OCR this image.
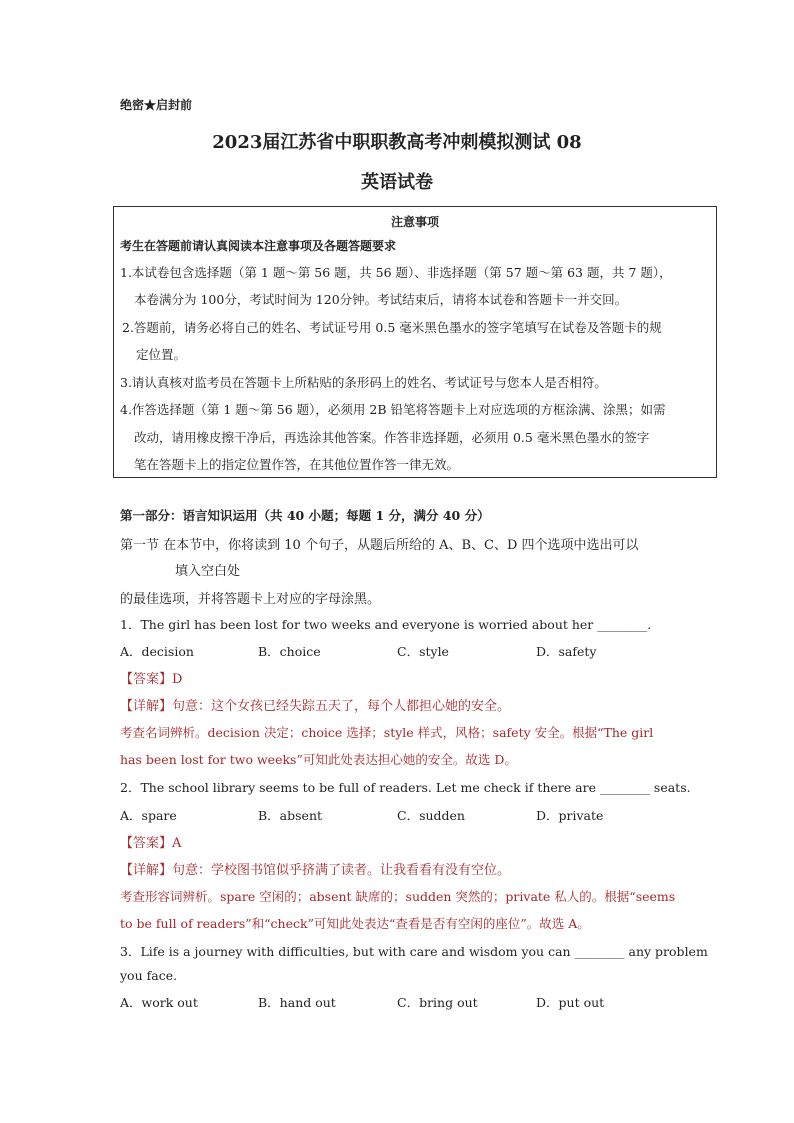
绝密★启封前
2023届江苏省中职职教高考冲刺模拟测试 08
英语试卷
注意事项
考生在答题前请认真阅读本注意事项及各题答题要求
1.本试卷包含选择题（第 1 题～第 56 题，共 56 题）、非选择题（第 57 题～第 63 题，共 7 题），
本卷满分为 100分，考试时间为 120分钟。考试结束后，请将本试卷和答题卡一并交回。
2.答题前，请务必将自己的姓名、考试证号用 0.5 毫米黑色墨水的签字笔填写在试卷及答题卡的规
定位置。
3.请认真核对监考员在答题卡上所粘贴的条形码上的姓名、考试证号与您本人是否相符。
4.作答选择题（第 1 题～第 56 题），必须用 2B 铅笔将答题卡上对应选项的方框涂满、涂黑；如需
改动，请用橡皮擦干净后，再选涂其他答案。作答非选择题，必须用 0.5 毫米黑色墨水的签字
笔在答题卡上的指定位置作答，在其他位置作答一律无效。
第一部分：语言知识运用（共 40 小题；每题 1 分，满分 40 分）
第一节 在本节中，你将读到 10 个句子，从题后所给的 A、B、C、D 四个选项中选出可以
填入空白处
的最佳选项，并将答题卡上对应的字母涂黑。
1．The girl has been lost for two weeks and everyone is worried about her ________.
A．decision	B．choice	C．style	D．safety
【答案】D
【详解】句意：这个女孩已经失踪五天了，每个人都担心她的安全。
考查名词辨析。decision 决定；choice 选择；style 样式，风格；safety 安全。根据“The girl
has been lost for two weeks”可知此处表达担心她的安全。故选 D。
2．The school library seems to be full of readers. Let me check if there are ________ seats.
A．spare	B．absent	C．sudden	D．private
【答案】A
【详解】句意：学校图书馆似乎挤满了读者。让我看看有没有空位。
考查形容词辨析。spare 空闲的；absent 缺席的；sudden 突然的；private 私人的。根据“seems
to be full of readers”和“check”可知此处表达“查看是否有空闲的座位”。故选 A。
3．Life is a journey with difficulties, but with care and wisdom you can ________ any problem
you face.
A．work out	B．hand out	C．bring out	D．put out
